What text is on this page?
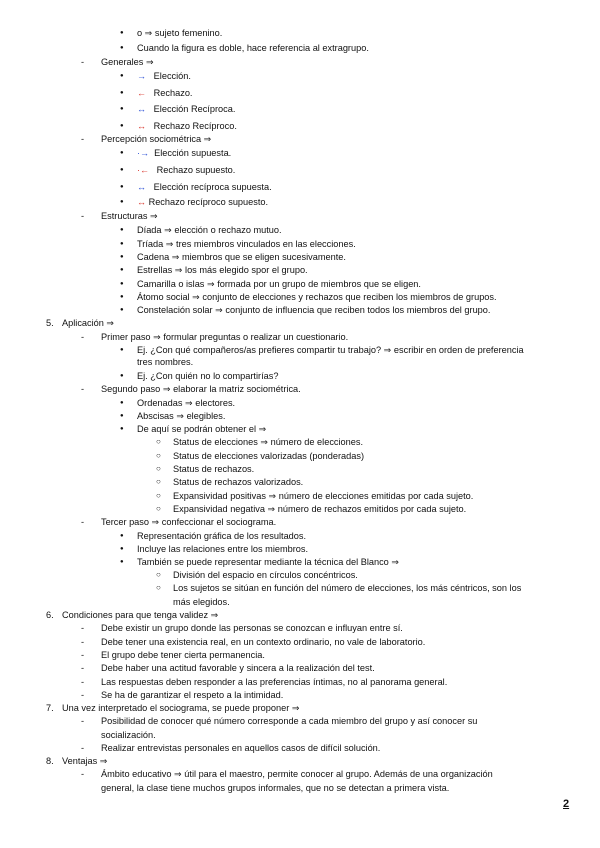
o ⇒ sujeto femenino.
Cuando la figura es doble, hace referencia al extragrupo.
Generales ⇒
→ Elección.
← Rechazo.
↔ Elección Recíproca.
↔ Rechazo Recíproco.
Percepción sociométrica ⇒
·→ Elección supuesta.
·← Rechazo supuesto.
↔ Elección recíproca supuesta.
↔ Rechazo recíproco supuesto.
Estructuras ⇒
Díada ⇒ elección o rechazo mutuo.
Tríada ⇒ tres miembros vinculados en las elecciones.
Cadena ⇒ miembros que se eligen sucesivamente.
Estrellas ⇒ los más elegido spor el grupo.
Camarilla o islas ⇒ formada por un grupo de miembros que se eligen.
Átomo social ⇒ conjunto de elecciones y rechazos que reciben los miembros de grupos.
Constelación solar ⇒ conjunto de influencia que reciben todos los miembros del grupo.
Aplicación ⇒
Primer paso ⇒ formular preguntas o realizar un cuestionario.
Ej. ¿Con qué compañeros/as prefieres compartir tu trabajo? ⇒ escribir en orden de preferencia
tres nombres.
Ej. ¿Con quién no lo compartirías?
Segundo paso ⇒ elaborar la matriz sociométrica.
Ordenadas ⇒ electores.
Abscisas ⇒ elegibles.
De aquí se podrán obtener el ⇒
Status de elecciones ⇒ número de elecciones.
Status de elecciones valorizadas (ponderadas)
Status de rechazos.
Status de rechazos valorizados.
Expansividad positivas ⇒ número de elecciones emitidas por cada sujeto.
Expansividad negativa ⇒ número de rechazos emitidos por cada sujeto.
Tercer paso ⇒ confeccionar el sociograma.
Representación gráfica de los resultados.
Incluye las relaciones entre los miembros.
También se puede representar mediante la técnica del Blanco ⇒
División del espacio en círculos concéntricos.
Los sujetos se sitúan en función del número de elecciones, los más céntricos, son los
más elegidos.
Condiciones para que tenga validez ⇒
Debe existir un grupo donde las personas se conozcan e influyan entre sí.
Debe tener una existencia real, en un contexto ordinario, no vale de laboratorio.
El grupo debe tener cierta permanencia.
Debe haber una actitud favorable y sincera a la realización del test.
Las respuestas deben responder a las preferencias íntimas, no al panorama general.
Se ha de garantizar el respeto a la intimidad.
Una vez interpretado el sociograma, se puede proponer ⇒
Posibilidad de conocer qué número corresponde a cada miembro del grupo y así conocer su
socialización.
Realizar entrevistas personales en aquellos casos de difícil solución.
Ventajas ⇒
Ámbito educativo ⇒ útil para el maestro, permite conocer al grupo. Además de una organización
general, la clase tiene muchos grupos informales, que no se detectan a primera vista.
●
●
-
●
●
●
●
-
●
●
●
●
-
●
●
●
●
●
●
●
5.
-
●
●
-
●
●
●
○
○
○
○
○
○
-
●
●
●
○
○
6.
-
-
-
-
-
-
7.
-
-
8.
-
2
